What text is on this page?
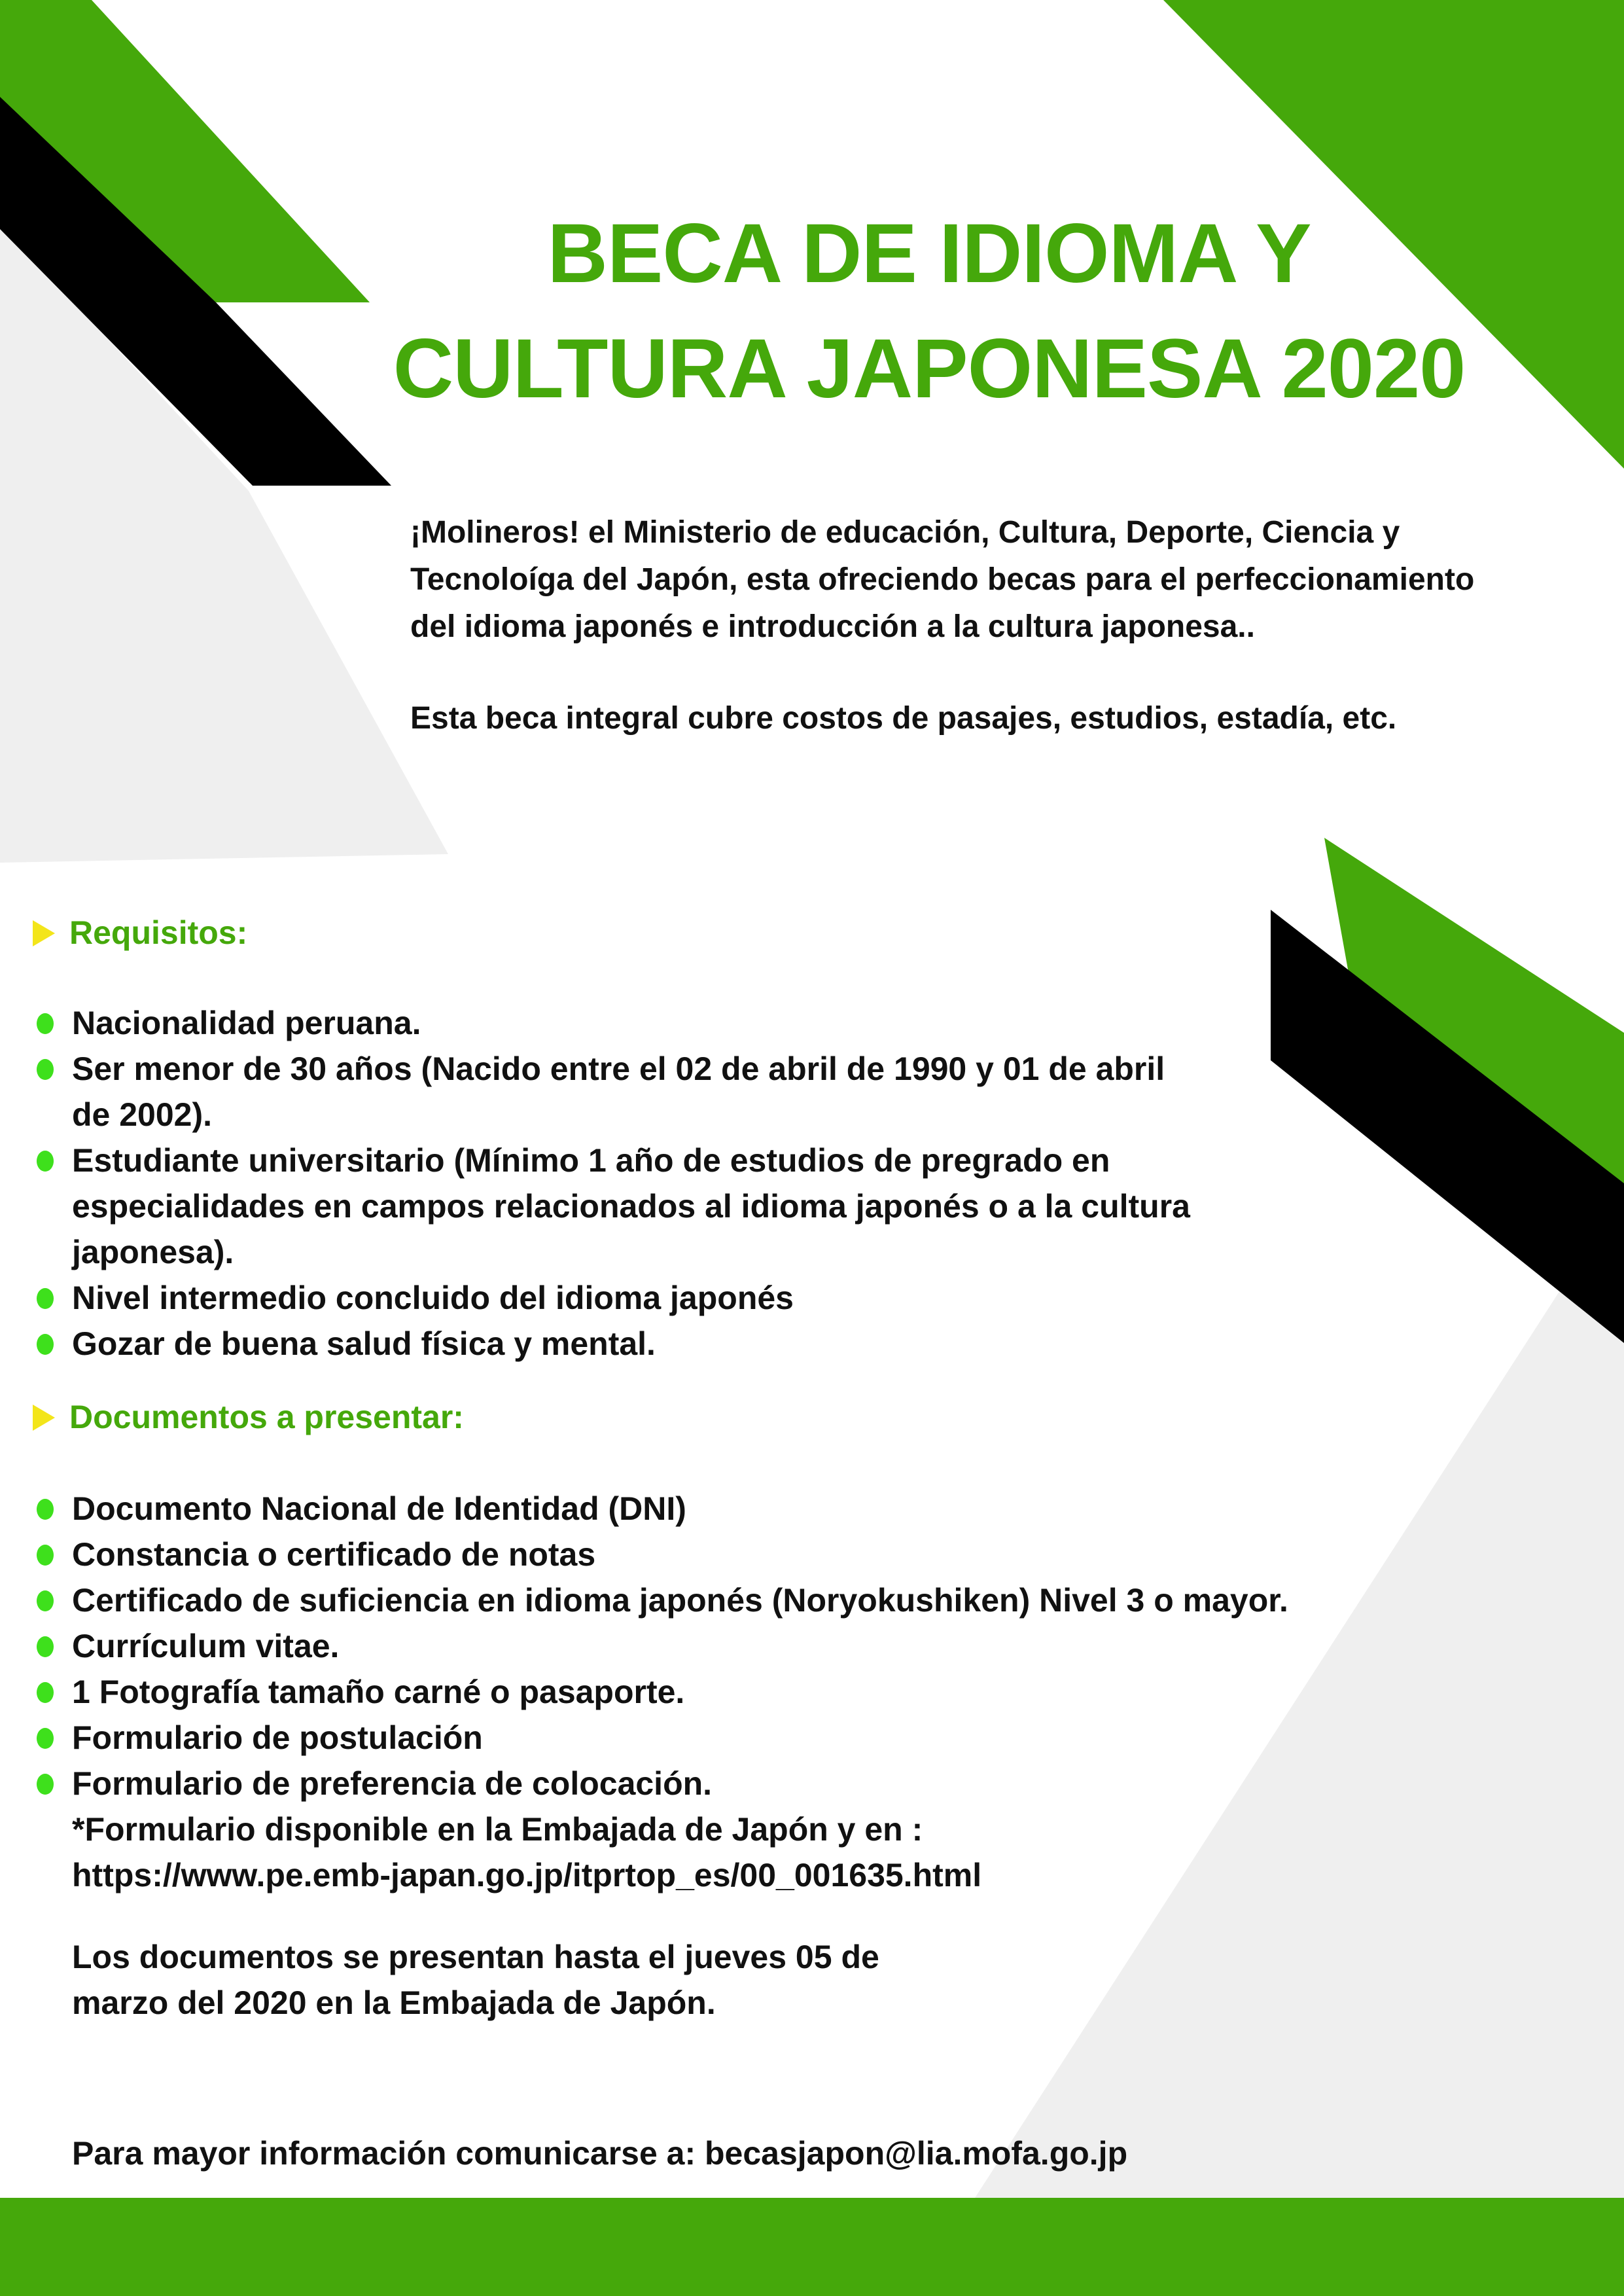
BECA DE IDIOMA Y
CULTURA JAPONESA 2020

¡Molineros! el Ministerio de educación, Cultura, Deporte, Ciencia y

Tecnoloíga del Japón, esta ofreciendo becas para el perfeccionamiento

del idioma japonés e introducción a la cultura japonesa..

Esta beca integral cubre costos de pasajes, estudios, estadía, etc.

Requisitos:
Nacionalidad peruana.
Ser menor de 30 años (Nacido entre el 02 de abril de 1990 y 01 de abril
de 2002).
Estudiante universitario (Mínimo 1 año de estudios de pregrado en
especialidades en campos relacionados al idioma japonés o a la cultura
japonesa).
Nivel intermedio concluido del idioma japonés
Gozar de buena salud física y mental.
Documentos a presentar:
Documento Nacional de Identidad (DNI)
Constancia o certificado de notas
Certificado de suficiencia en idioma japonés (Noryokushiken) Nivel 3 o mayor.
Currículum vitae.
1 Fotografía tamaño carné o pasaporte.
Formulario de postulación
Formulario de preferencia de colocación.
*Formulario disponible en la Embajada de Japón y en :
https://www.pe.emb-japan.go.jp/itprtop_es/00_001635.html

Los documentos se presentan hasta el jueves 05 de

marzo del 2020 en la Embajada de Japón.

Para mayor información comunicarse a: becasjapon@lia.mofa.go.jp
